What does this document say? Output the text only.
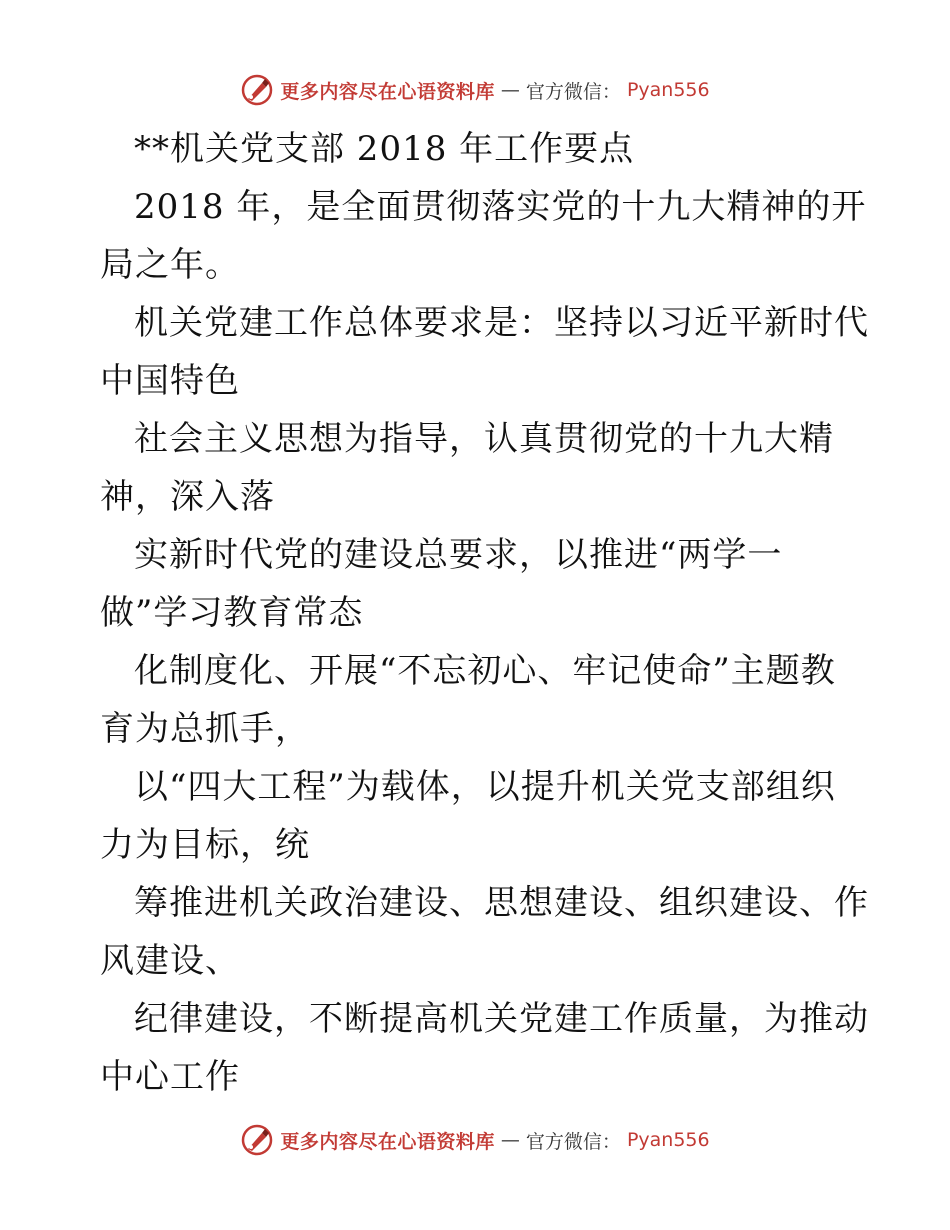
更多内容尽在心语资料库 — 官方微信： Pyan556
**机关党支部 2018 年工作要点
2018 年，是全面贯彻落实党的十九大精神的开
局之年。
机关党建工作总体要求是：坚持以习近平新时代
中国特色
社会主义思想为指导，认真贯彻党的十九大精
神，深入落
实新时代党的建设总要求，以推进“两学一
做”学习教育常态
化制度化、开展“不忘初心、牢记使命”主题教
育为总抓手，
以“四大工程”为载体，以提升机关党支部组织
力为目标，统
筹推进机关政治建设、思想建设、组织建设、作
风建设、
纪律建设，不断提高机关党建工作质量，为推动
中心工作
更多内容尽在心语资料库 — 官方微信： Pyan556
